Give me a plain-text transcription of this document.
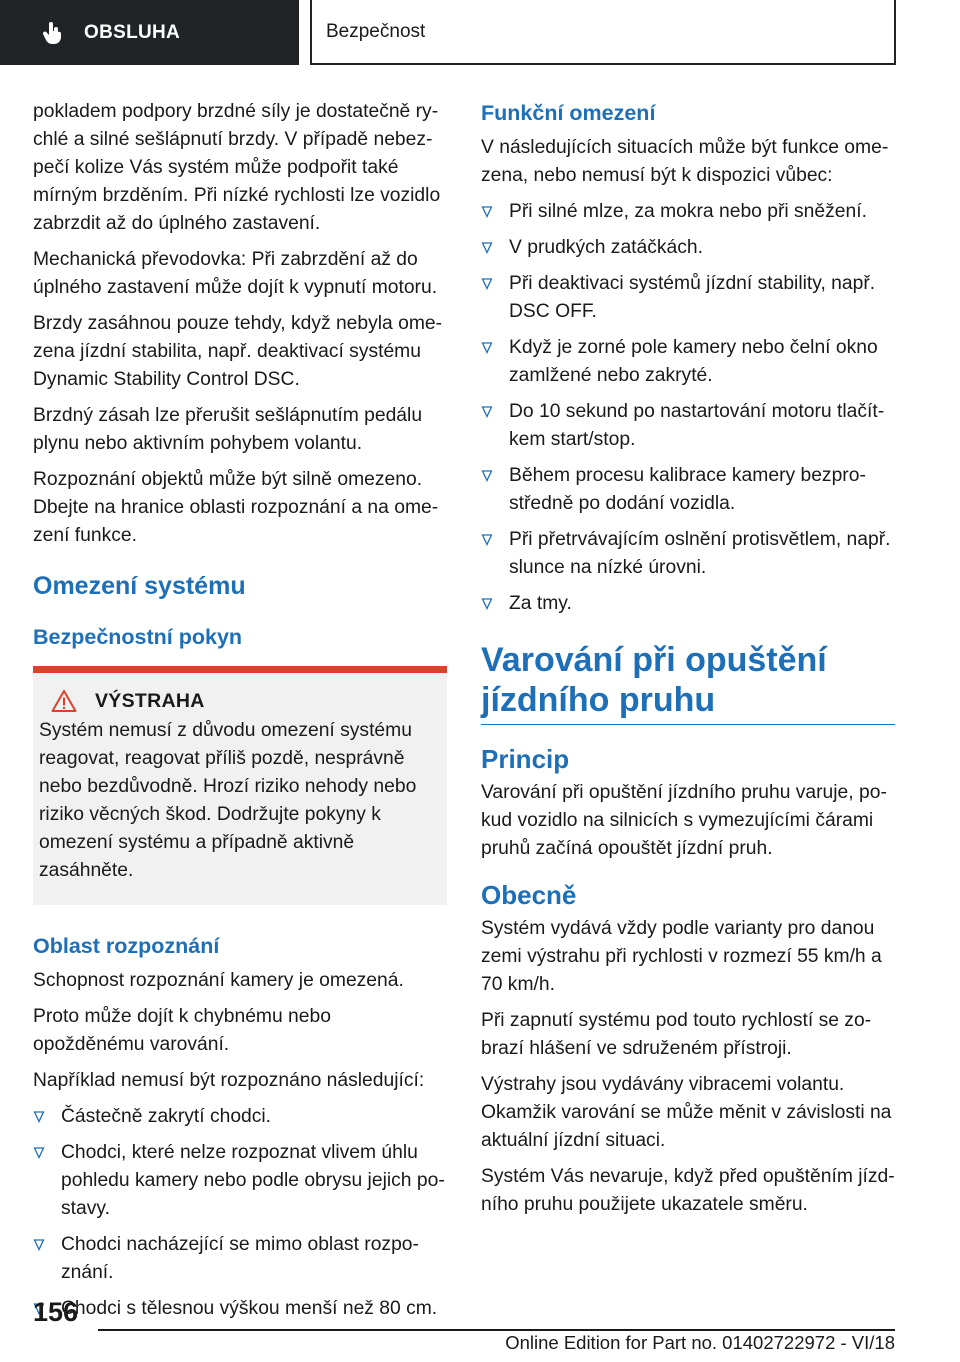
OBSLUHA	Bezpečnost

pokladem podpory brzdné síly je dostatečně rychlé a silné sešlápnutí brzdy. V případě nebezpečí kolize Vás systém může podpořit také mírným brzděním. Při nízké rychlosti lze vozidlo zabrzdit až do úplného zastavení.

Mechanická převodovka: Při zabrzdění až do úplného zastavení může dojít k vypnutí motoru.

Brzdy zasáhnou pouze tehdy, když nebyla omezena jízdní stabilita, např. deaktivací systému Dynamic Stability Control DSC.

Brzdný zásah lze přerušit sešlápnutím pedálu plynu nebo aktivním pohybem volantu.

Rozpoznání objektů může být silně omezeno. Dbejte na hranice oblasti rozpoznání a na omezení funkce.

Omezení systému
Bezpečnostní pokyn
VÝSTRAHA

Systém nemusí z důvodu omezení systému reagovat, reagovat příliš pozdě, nesprávně nebo bezdůvodně. Hrozí riziko nehody nebo riziko věcných škod. Dodržujte pokyny k omezení systému a případně aktivně zasáhněte.

Oblast rozpoznání

Schopnost rozpoznání kamery je omezená.

Proto může dojít k chybnému nebo opožděnému varování.

Například nemusí být rozpoznáno následující:

Částečně zakrytí chodci.
Chodci, které nelze rozpoznat vlivem úhlu pohledu kamery nebo podle obrysu jejich postavy.
Chodci nacházející se mimo oblast rozpoznání.
Chodci s tělesnou výškou menší než 80 cm.
Funkční omezení

V následujících situacích může být funkce omezena, nebo nemusí být k dispozici vůbec:

Při silné mlze, za mokra nebo při sněžení.
V prudkých zatáčkách.
Při deaktivaci systémů jízdní stability, např. DSC OFF.
Když je zorné pole kamery nebo čelní okno zamlžené nebo zakryté.
Do 10 sekund po nastartování motoru tlačítkem start/stop.
Během procesu kalibrace kamery bezprostředně po dodání vozidla.
Při přetrvávajícím oslnění protisvětlem, např. slunce na nízké úrovni.
Za tmy.
Varování při opuštění jízdního pruhu
Princip

Varování při opuštění jízdního pruhu varuje, pokud vozidlo na silnicích s vymezujícími čárami pruhů začíná opouštět jízdní pruh.

Obecně

Systém vydává vždy podle varianty pro danou zemi výstrahu při rychlosti v rozmezí 55 km/h a 70 km/h.

Při zapnutí systému pod touto rychlostí se zobrazí hlášení ve sdruženém přístroji.

Výstrahy jsou vydávány vibracemi volantu. Okamžik varování se může měnit v závislosti na aktuální jízdní situaci.

Systém Vás nevaruje, když před opuštěním jízdního pruhu použijete ukazatele směru.

156
Online Edition for Part no. 01402722972 - VI/18
